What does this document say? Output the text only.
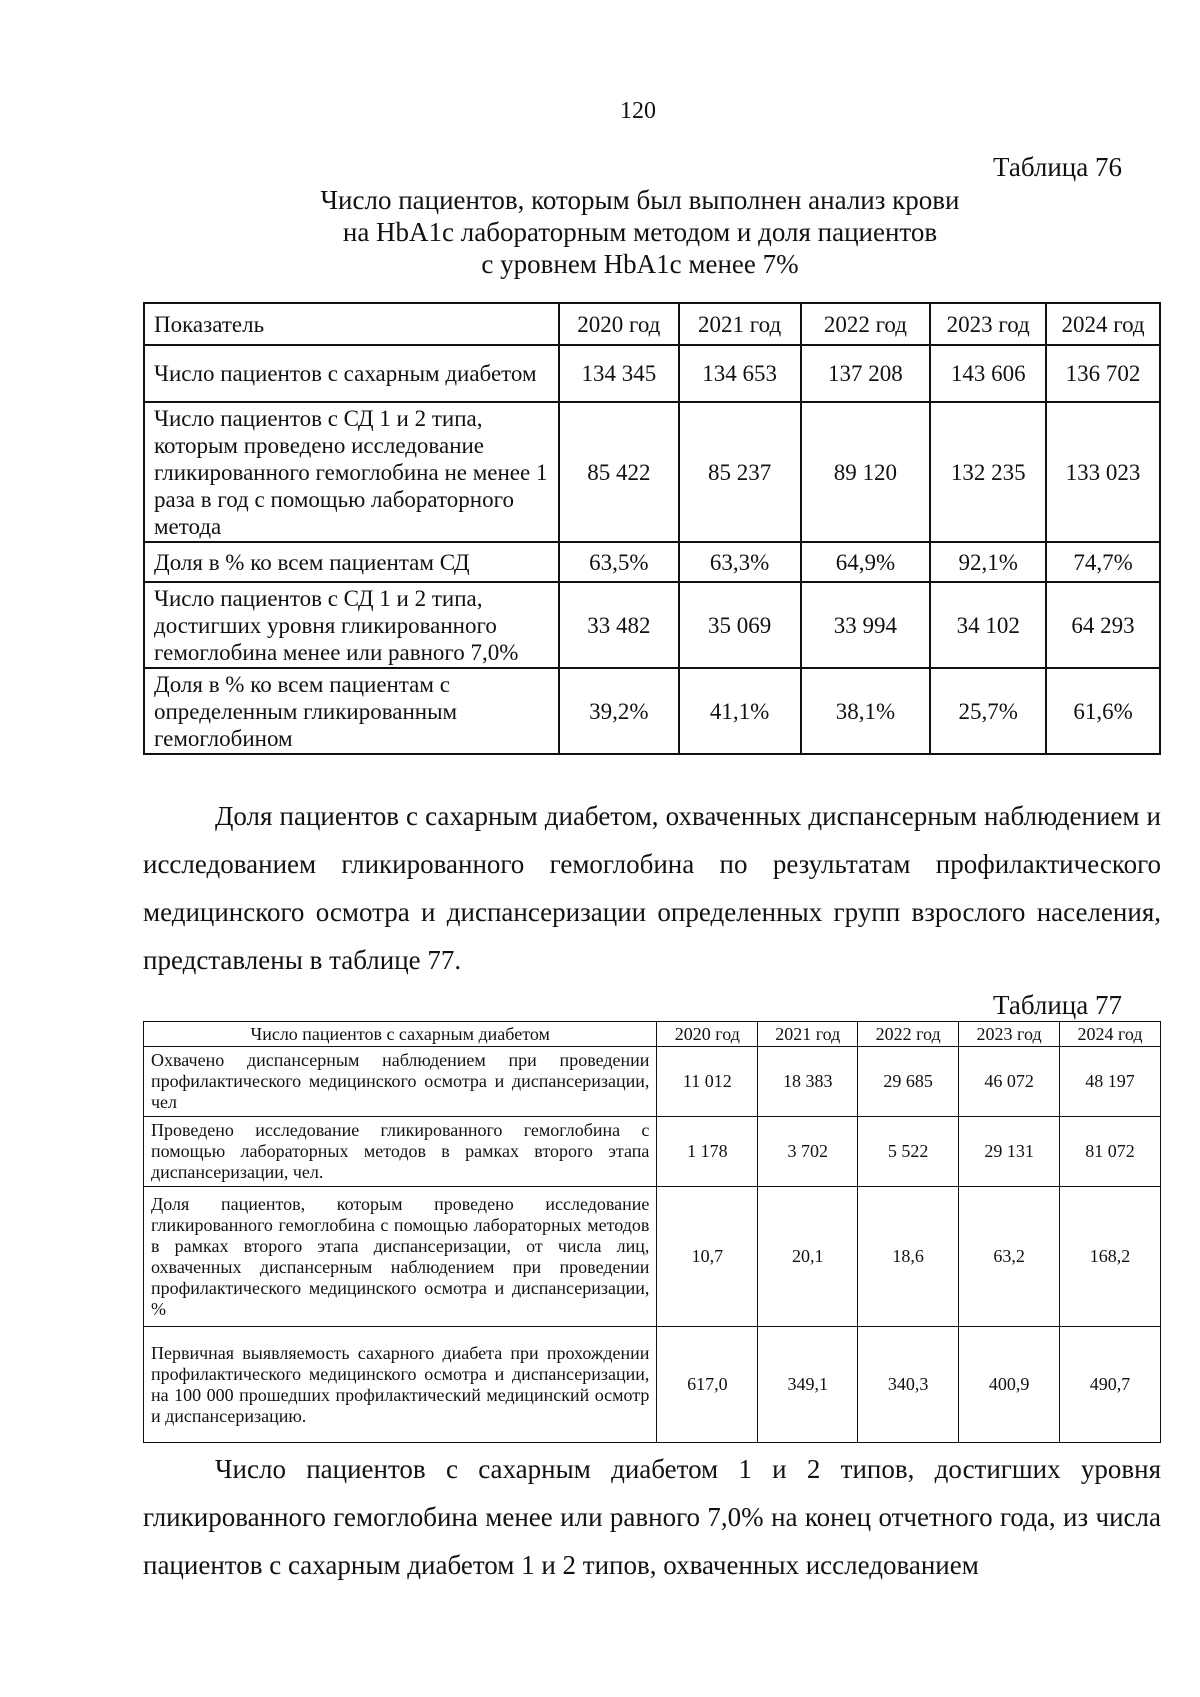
120
Таблица 76
Число пациентов, которым был выполнен анализ крови
на HbA1c лабораторным методом и доля пациентов
с уровнем HbA1c менее 7%
Показатель	2020 год	2021 год	2022 год	2023 год	2024 год
Число пациентов с сахарным диабетом	134 345	134 653	137 208	143 606	136 702
Число пациентов с СД 1 и 2 типа, которым проведено исследование гликированного гемоглобина не менее 1 раза в год с помощью лабораторного метода	85 422	85 237	89 120	132 235	133 023
Доля в % ко всем пациентам СД	63,5%	63,3%	64,9%	92,1%	74,7%
Число пациентов с СД 1 и 2 типа, достигших уровня гликированного гемоглобина менее или равного 7,0%	33 482	35 069	33 994	34 102	64 293
Доля в % ко всем пациентам с определенным гликированным гемоглобином	39,2%	41,1%	38,1%	25,7%	61,6%

Доля пациентов с сахарным диабетом, охваченных диспансерным наблюдением и исследованием гликированного гемоглобина по результатам профилактического медицинского осмотра и диспансеризации определенных групп взрослого населения, представлены в таблице 77.

Таблица 77
Число пациентов с сахарным диабетом	2020 год	2021 год	2022 год	2023 год	2024 год
Охвачено диспансерным наблюдением при проведении профилактического медицинского осмотра и диспансеризации, чел	11 012	18 383	29 685	46 072	48 197
Проведено исследование гликированного гемоглобина с помощью лабораторных методов в рамках второго этапа диспансеризации, чел.	1 178	3 702	5 522	29 131	81 072
Доля пациентов, которым проведено исследование гликированного гемоглобина с помощью лабораторных методов в рамках второго этапа диспансеризации, от числа лиц, охваченных диспансерным наблюдением при проведении профилактического медицинского осмотра и диспансеризации, %	10,7	20,1	18,6	63,2	168,2
Первичная выявляемость сахарного диабета при прохождении профилактического медицинского осмотра и диспансеризации, на 100 000 прошедших профилактический медицинский осмотр и диспансеризацию.	617,0	349,1	340,3	400,9	490,7

Число пациентов с сахарным диабетом 1 и 2 типов, достигших уровня гликированного гемоглобина менее или равного 7,0% на конец отчетного года, из числа пациентов с сахарным диабетом 1 и 2 типов, охваченных исследованием
